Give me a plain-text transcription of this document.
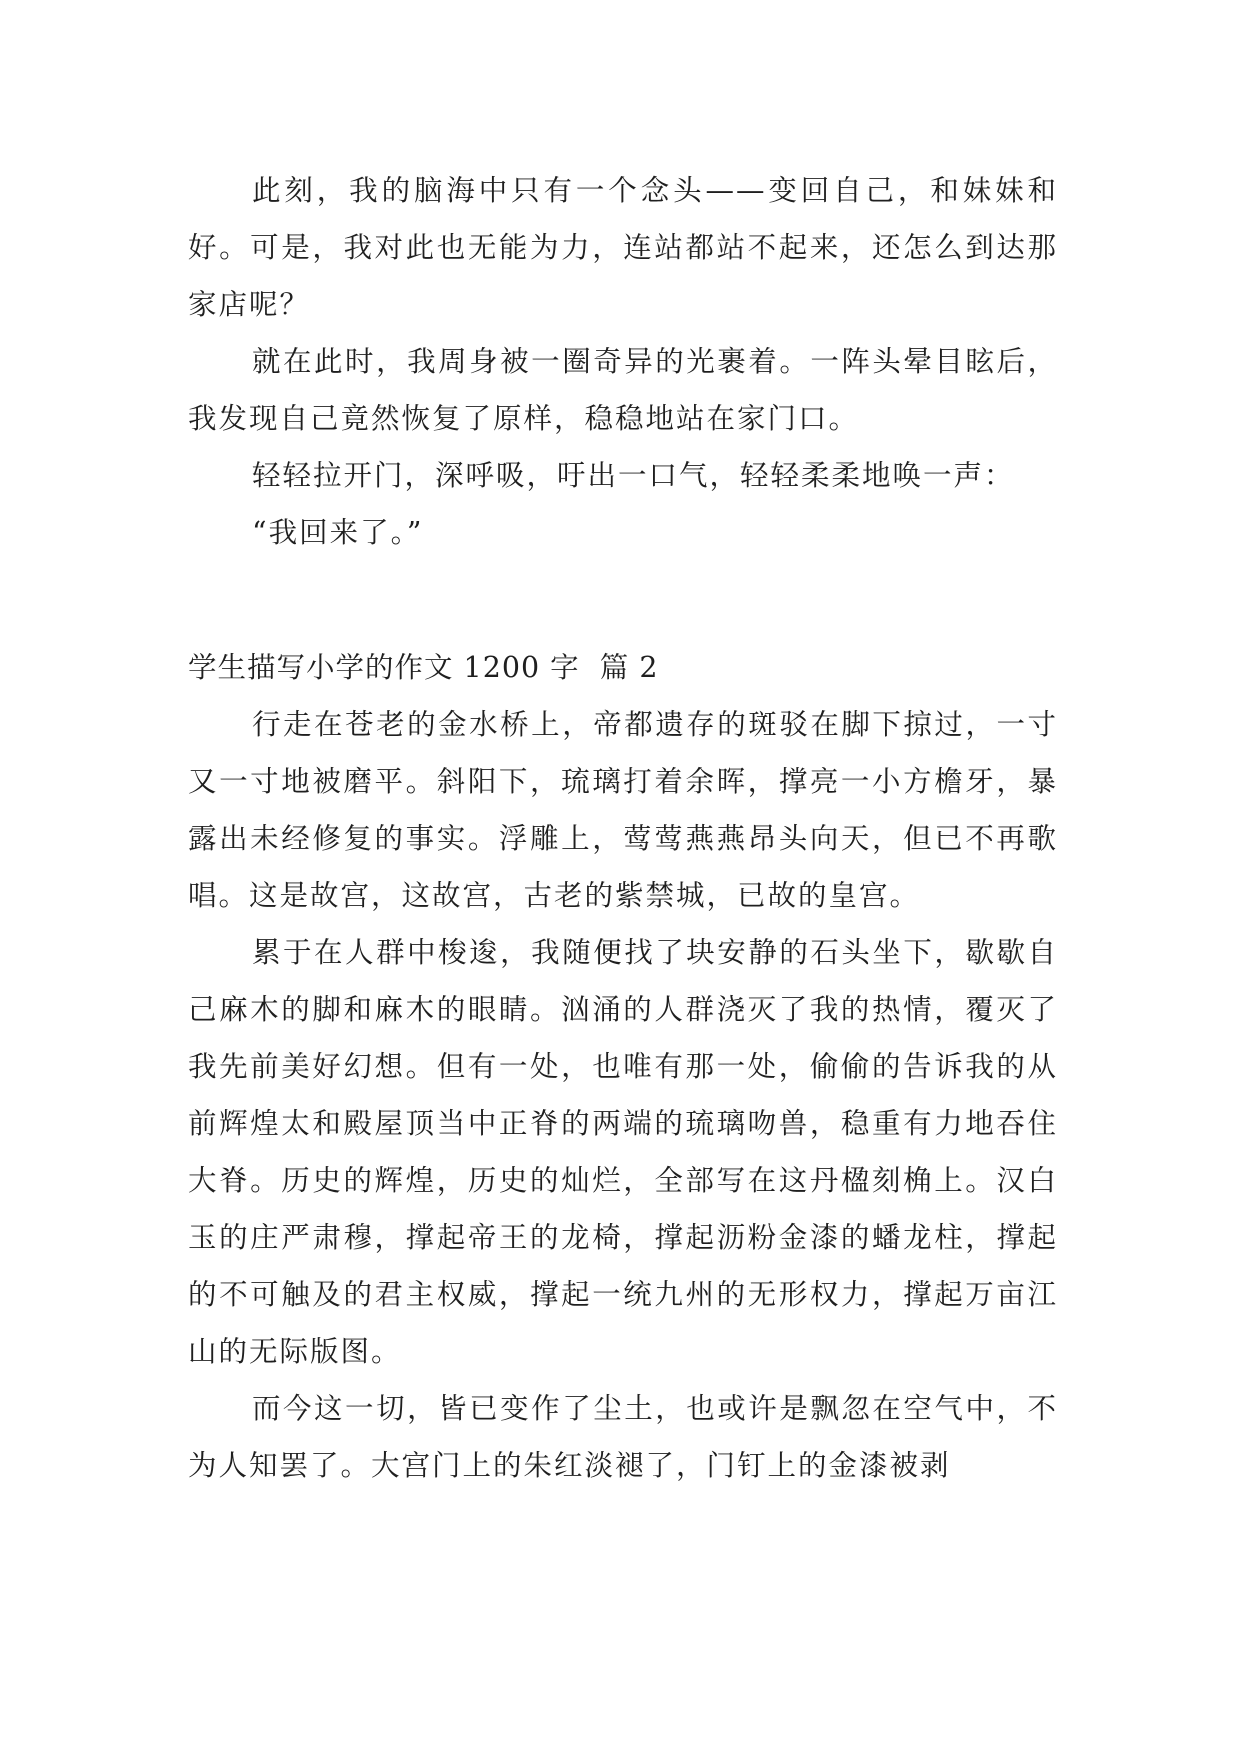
此刻，我的脑海中只有一个念头——变回自己，和妹妹和好。可是，我对此也无能为力，连站都站不起来，还怎么到达那家店呢？

就在此时，我周身被一圈奇异的光裹着。一阵头晕目眩后，我发现自己竟然恢复了原样，稳稳地站在家门口。

轻轻拉开门，深呼吸，吁出一口气，轻轻柔柔地唤一声：

“我回来了。”

学生描写小学的作文 1200 字  篇 2

行走在苍老的金水桥上，帝都遗存的斑驳在脚下掠过，一寸又一寸地被磨平。斜阳下，琉璃打着余晖，撑亮一小方檐牙，暴露出未经修复的事实。浮雕上，莺莺燕燕昂头向天，但已不再歌唱。这是故宫，这故宫，古老的紫禁城，已故的皇宫。

累于在人群中梭逡，我随便找了块安静的石头坐下，歇歇自己麻木的脚和麻木的眼睛。汹涌的人群浇灭了我的热情，覆灭了我先前美好幻想。但有一处，也唯有那一处，偷偷的告诉我的从前辉煌太和殿屋顶当中正脊的两端的琉璃吻兽，稳重有力地吞住大脊。历史的辉煌，历史的灿烂，全部写在这丹楹刻桷上。汉白玉的庄严肃穆，撑起帝王的龙椅，撑起沥粉金漆的蟠龙柱，撑起的不可触及的君主权威，撑起一统九州的无形权力，撑起万亩江山的无际版图。

而今这一切，皆已变作了尘土，也或许是飘忽在空气中，不为人知罢了。大宫门上的朱红淡褪了，门钉上的金漆被剥
